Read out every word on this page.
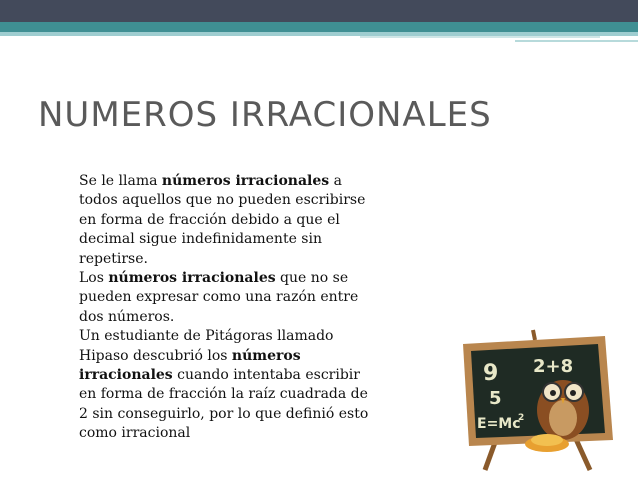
NUMEROS IRRACIONALES

Se le llama números irracionales a todos aquellos que no pueden escribirse en forma de fracción debido a que el decimal sigue indefinidamente sin repetirse.

Los números irracionales que no se pueden expresar como una razón entre dos números.

Un estudiante de Pitágoras llamado Hipaso descubrió los números irracionales cuando intentaba escribir en forma de fracción la raíz cuadrada de 2 sin conseguirlo, por lo que definió esto como irracional

9
5
2+8
E=Mc
2
